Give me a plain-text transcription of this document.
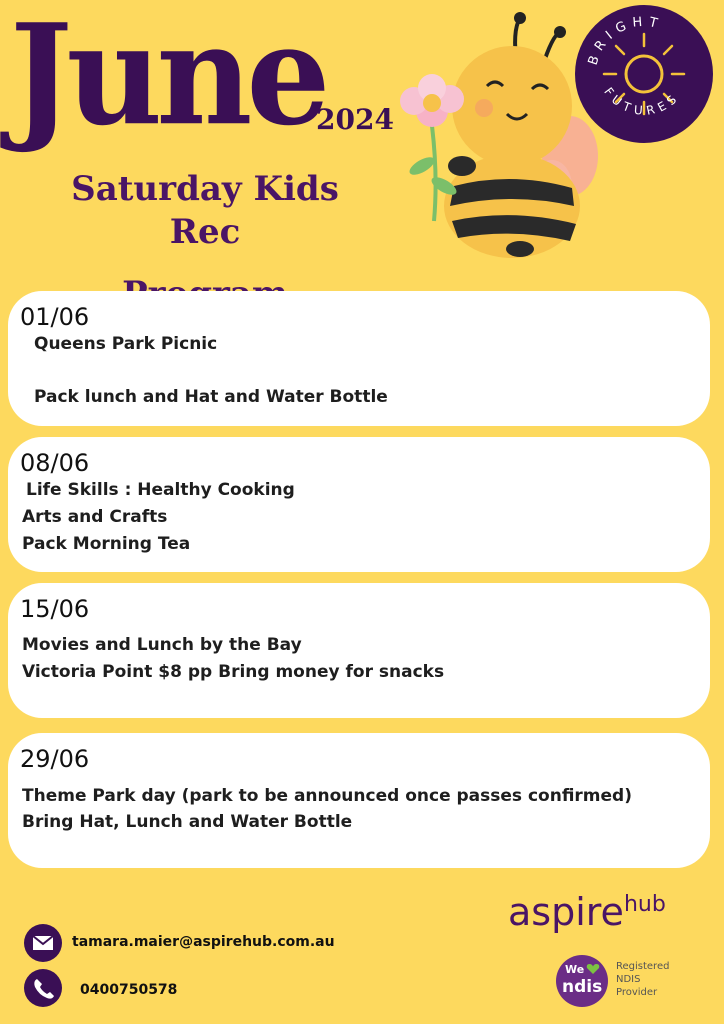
June
2024
Saturday Kids Rec
BRIGHT
FUTURES
01/06
Queens Park Picnic
Pack lunch and Hat and Water Bottle
08/06
Life Skills : Healthy Cooking
Arts and Crafts
Pack Morning Tea
15/06
Movies and Lunch by the Bay
Victoria Point $8 pp Bring money for snacks
29/06
Theme Park day (park to be announced once passes confirmed)
Bring Hat, Lunch and Water Bottle
aspirehub
tamara.maier@aspirehub.com.au
0400750578
We
ndis
Registered
NDIS
Provider
